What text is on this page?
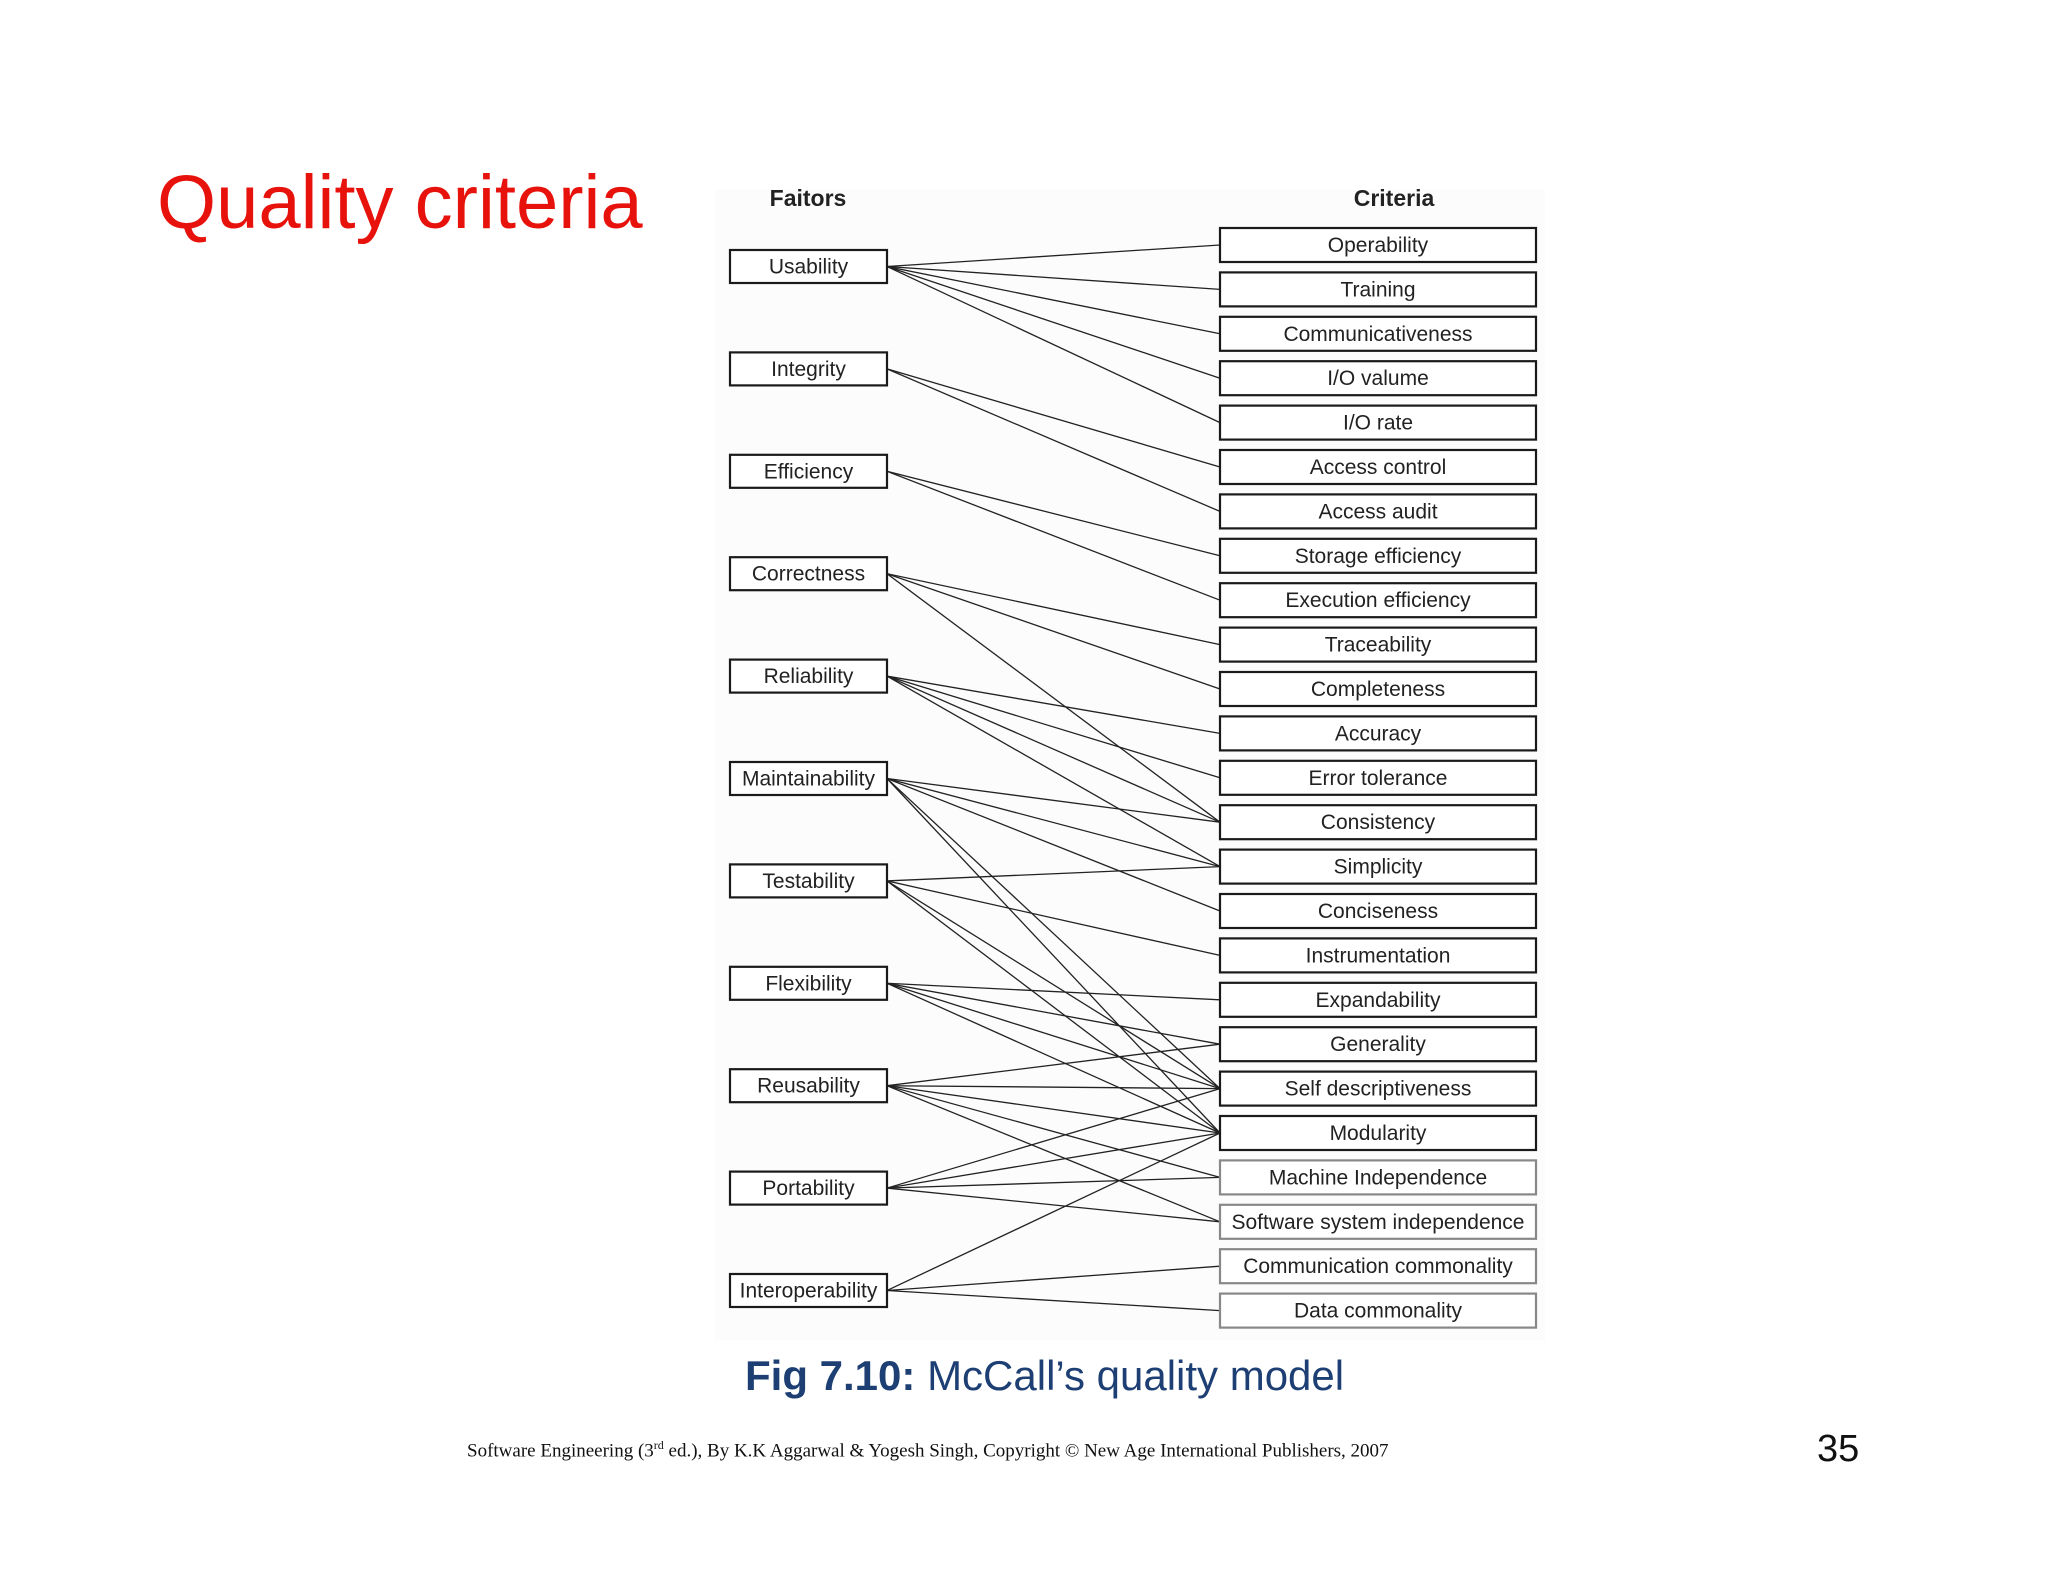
Quality criteria
Usability
Integrity
Efficiency
Correctness
Reliability
Maintainability
Testability
Flexibility
Reusability
Portability
Interoperability
Operability
Training
Communicativeness
I/O valume
I/O rate
Access control
Access audit
Storage efficiency
Execution efficiency
Traceability
Completeness
Accuracy
Error tolerance
Consistency
Simplicity
Conciseness
Instrumentation
Expandability
Generality
Self descriptiveness
Modularity
Machine Independence
Software system independence
Communication commonality
Data commonality
Faitors	Criteria
Fig 7.10: McCall’s quality model
Software Engineering (3rd ed.), By K.K Aggarwal & Yogesh Singh, Copyright © New Age International Publishers, 2007	35
